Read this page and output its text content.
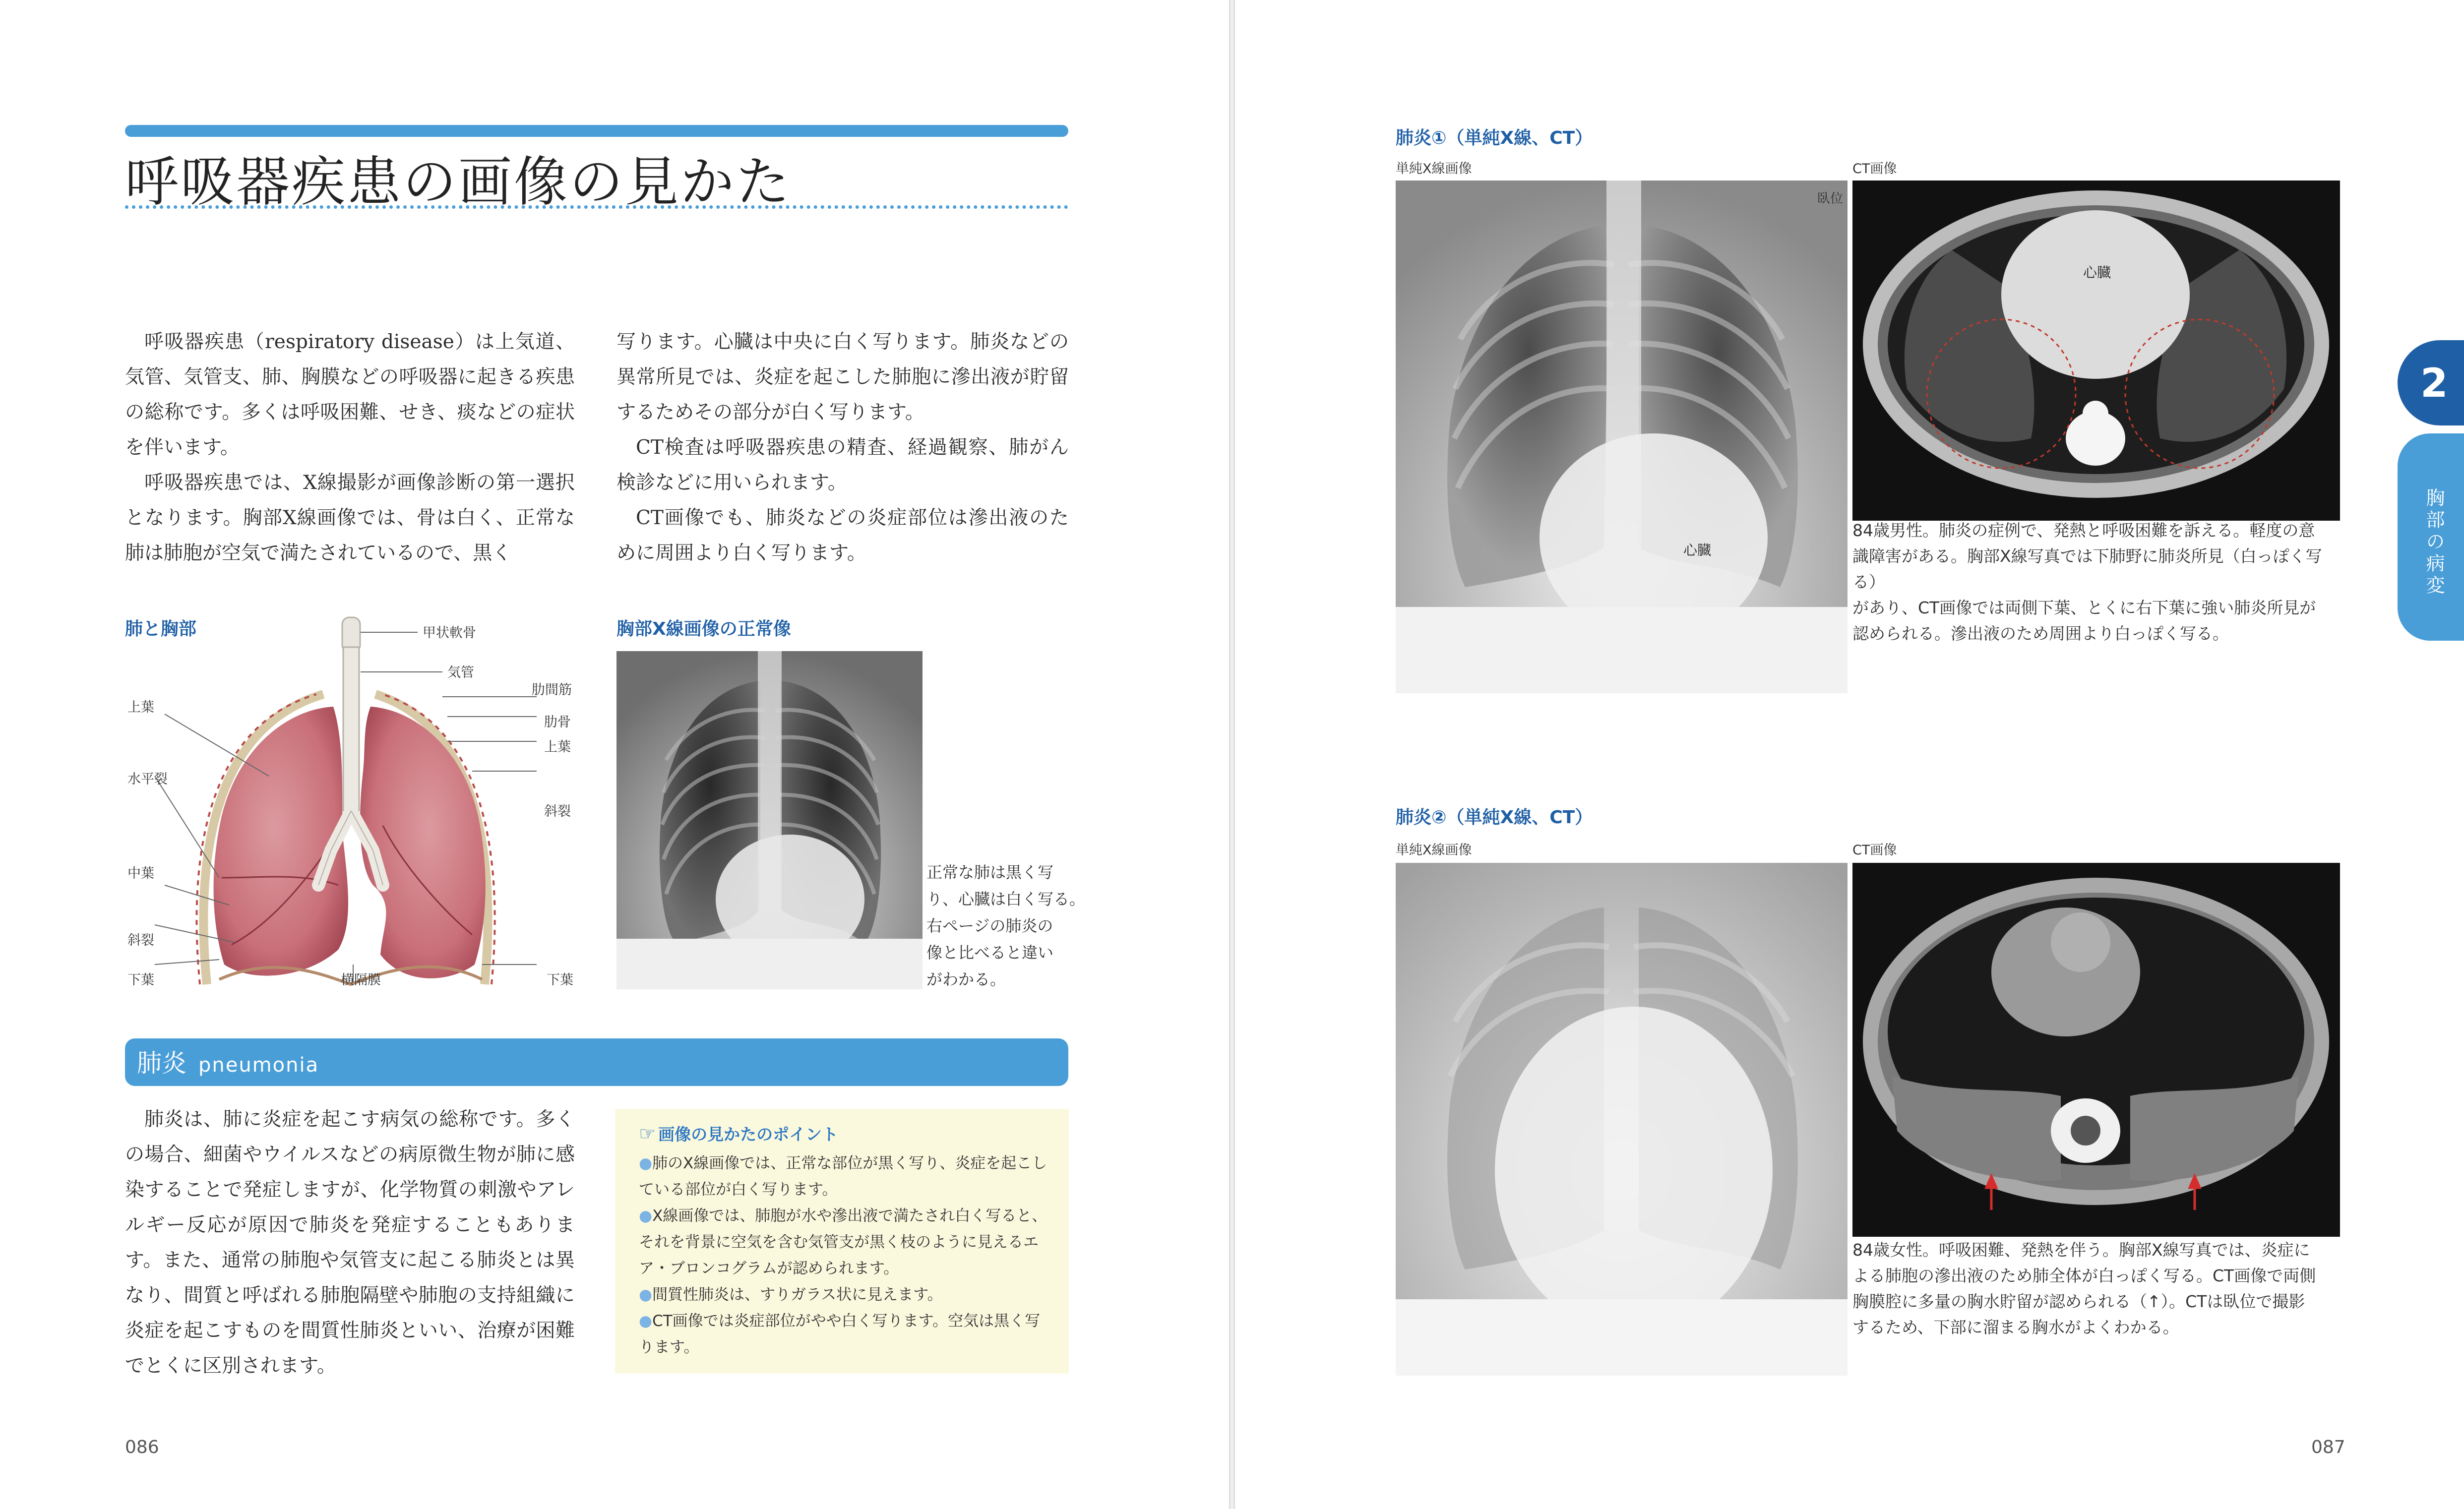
呼吸器疾患の画像の見かた

呼吸器疾患（respiratory disease）は上気道、気管、気管支、肺、胸膜などの呼吸器に起きる疾患の総称です。多くは呼吸困難、せき、痰などの症状を伴います。

呼吸器疾患では、X線撮影が画像診断の第一選択となります。胸部X線画像では、骨は白く、正常な肺は肺胞が空気で満たされているので、黒く

写ります。心臓は中央に白く写ります。肺炎などの異常所見では、炎症を起こした肺胞に滲出液が貯留するためその部分が白く写ります。

CT検査は呼吸器疾患の精査、経過観察、肺がん検診などに用いられます。

CT画像でも、肺炎などの炎症部位は滲出液のために周囲より白く写ります。

肺と胸部	甲状軟骨
気管
肋間筋
肋骨
上葉
斜裂
上葉
水平裂
中葉
斜裂
下葉	横隔膜	下葉
胸部X線画像の正常像
正常な肺は黒く写
り、心臓は白く写る。
右ページの肺炎の
像と比べると違い
がわかる。
肺炎 pneumonia

肺炎は、肺に炎症を起こす病気の総称です。多くの場合、細菌やウイルスなどの病原微生物が肺に感染することで発症しますが、化学物質の刺激やアレルギー反応が原因で肺炎を発症することもあります。また、通常の肺胞や気管支に起こる肺炎とは異なり、間質と呼ばれる肺胞隔壁や肺胞の支持組織に炎症を起こすものを間質性肺炎といい、治療が困難でとくに区別されます。

☞ 画像の見かたのポイント
●肺のX線画像では、正常な部位が黒く写り、炎症を起こしている部位が白く写ります。
●X線画像では、肺胞が水や滲出液で満たされ白く写ると、それを背景に空気を含む気管支が黒く枝のように見えるエア・ブロンコグラムが認められます。
●間質性肺炎は、すりガラス状に見えます。
●CT画像では炎症部位がやや白く写ります。空気は黒く写ります。
086
肺炎①（単純X線、CT）
単純X線画像	CT画像
臥位
心臓
心臓
84歳男性。肺炎の症例で、発熱と呼吸困難を訴える。軽度の意
識障害がある。胸部X線写真では下肺野に肺炎所見（白っぽく写る）
があり、CT画像では両側下葉、とくに右下葉に強い肺炎所見が
認められる。滲出液のため周囲より白っぽく写る。
肺炎②（単純X線、CT）
単純X線画像	CT画像
84歳女性。呼吸困難、発熱を伴う。胸部X線写真では、炎症に
よる肺胞の滲出液のため肺全体が白っぽく写る。CT画像で両側
胸膜腔に多量の胸水貯留が認められる（↑）。CTは臥位で撮影
するため、下部に溜まる胸水がよくわかる。
2
胸部の病変
087
